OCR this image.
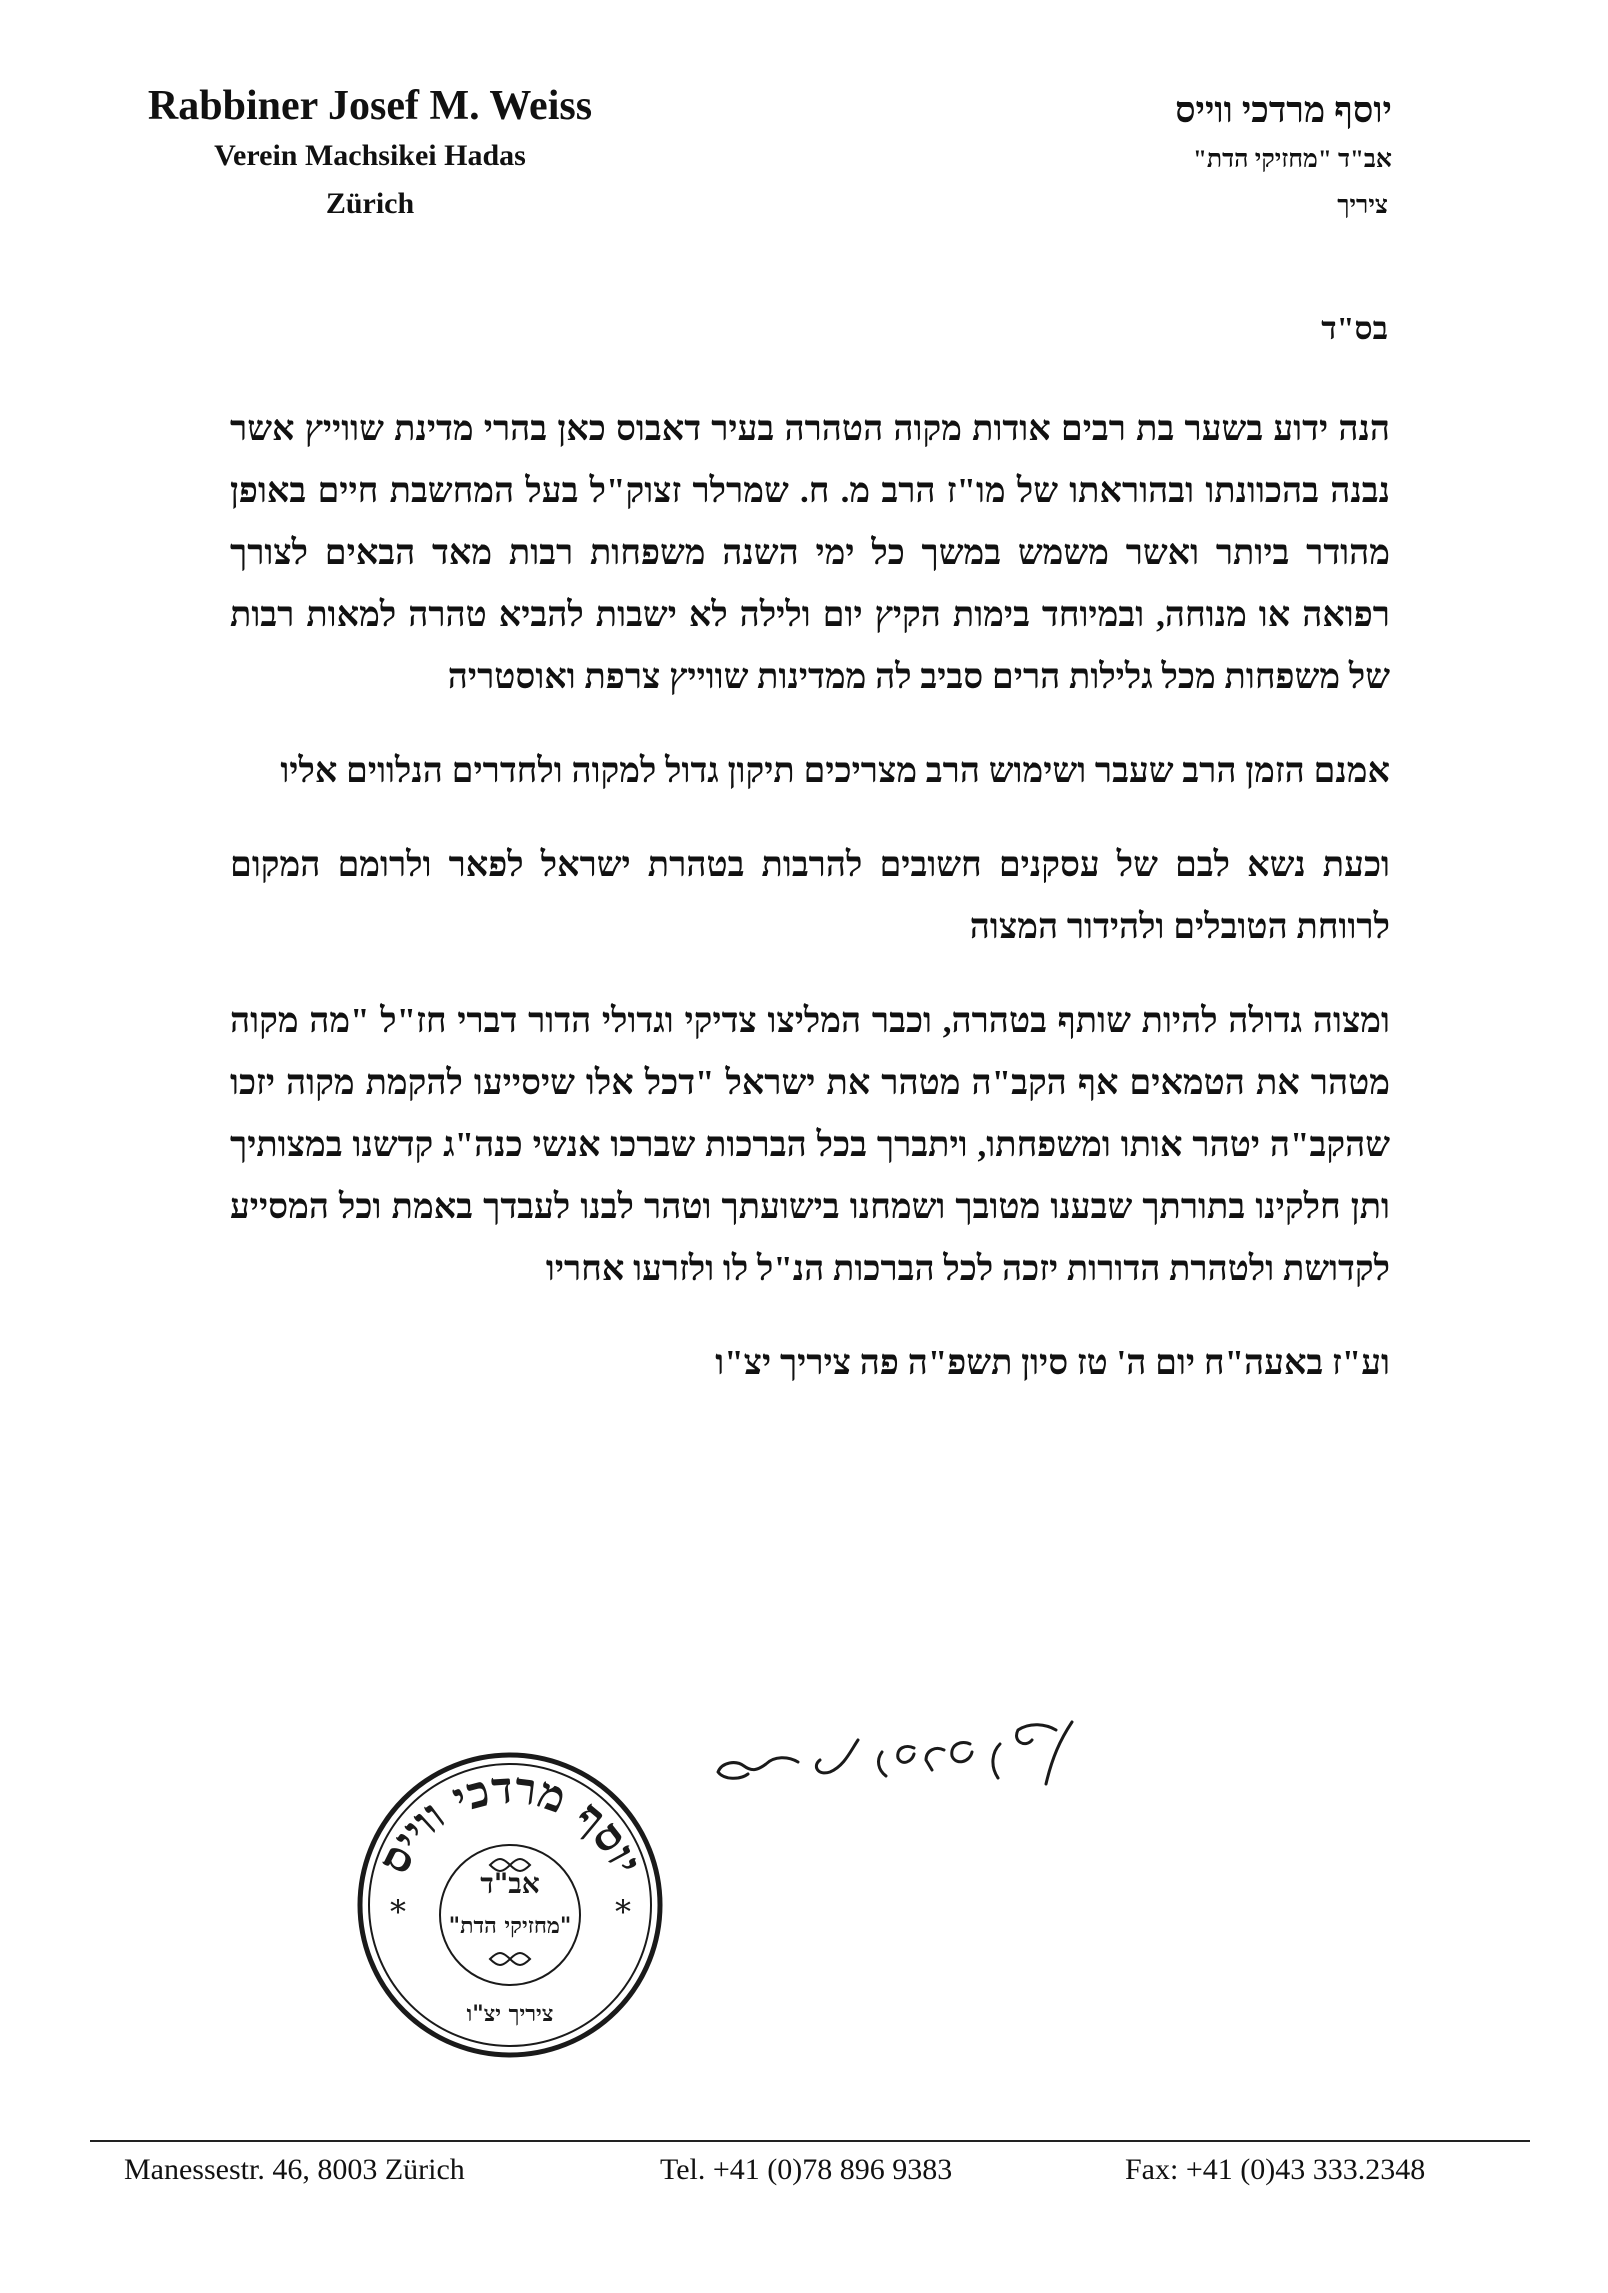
Rabbiner Josef M. Weiss

Verein Machsikei Hadas

Zürich

יוסף מרדכי ווייס

אב"ד "מחזיקי הדת"

ציריך

בס"ד

הנה ידוע בשער בת רבים אודות מקוה הטהרה בעיר דאבוס כאן בהרי מדינת שווייץ אשר נבנה בהכוונתו ובהוראתו של מו"ז הרב מ. ח. שמרלר זצוק"ל בעל המחשבת חיים באופן מהודר ביותר ואשר משמש במשך כל ימי השנה משפחות רבות מאד הבאים לצורך רפואה או מנוחה, ובמיוחד בימות הקיץ יום ולילה לא ישבות להביא טהרה למאות רבות של משפחות מכל גלילות הרים סביב לה ממדינות שווייץ צרפת ואוסטריה

אמנם הזמן הרב שעבר ושימוש הרב מצריכים תיקון גדול למקוה ולחדרים הנלווים אליו

וכעת נשא לבם של עסקנים חשובים להרבות בטהרת ישראל לפאר ולרומם המקום לרווחת הטובלים ולהידור המצוה

ומצוה גדולה להיות שותף בטהרה, וכבר המליצו צדיקי וגדולי הדור דברי חז"ל "מה מקוה מטהר את הטמאים אף הקב"ה מטהר את ישראל "דכל אלו שיסייעו להקמת מקוה יזכו שהקב"ה יטהר אותו ומשפחתו, ויתברך בכל הברכות שברכו אנשי כנה"ג קדשנו במצותיך ותן חלקינו בתורתך שבענו מטובך ושמחנו בישועתך וטהר לבנו לעבדך באמת וכל המסייע לקדושת ולטהרת הדורות יזכה לכל הברכות הנ"ל לו ולזרעו אחריו

וע"ז באעה"ח יום ה' טז סיון תשפ"ה פה ציריך יצ"ו

יוסף מרדכי ווייס
אב"ד
"מחזיקי הדת"
ציריך יצ"ו
*	*
Manessestr. 46, 8003 Zürich	Tel. +41 (0)78 896 9383	Fax: +41 (0)43 333.2348
